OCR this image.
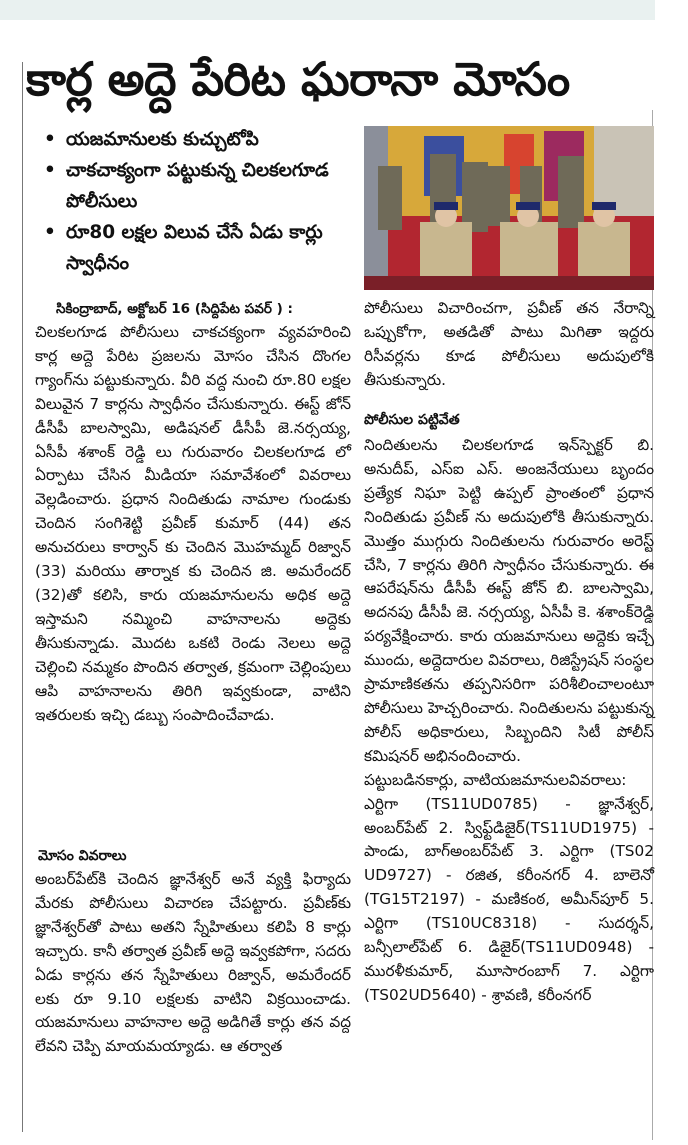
కార్ల అద్దె పేరిట ఘరానా మోసం
• యజమానులకు కుచ్చుటోపి
• చాకచాక్యంగా పట్టుకున్న చిలకలగూడ పోలీసులు
• రూ80 లక్షల విలువ చేసే ఏడు కార్లు స్వాధీనం
సికింద్రాబాద్, అక్టోబర్ 16 (సిద్దిపేట పవర్ ) :

చిలకలగూడ పోలీసులు చాకచక్యంగా వ్యవహరించి కార్ల అద్దె పేరిట ప్రజలను మోసం చేసిన దొంగల గ్యాంగ్‌ను పట్టుకున్నారు. వీరి వద్ద నుంచి రూ.80 లక్షల విలువైన 7 కార్లను స్వాధీనం చేసుకున్నారు. ఈస్ట్ జోన్ డీసీపీ బాలస్వామి, అడిషనల్ డీసీపీ జె.నర్సయ్య, ఏసీపీ శశాంక్ రెడ్డి లు గురువారం చిలకలగూడ లో ఏర్పాటు చేసిన మీడియా సమావేశంలో వివరాలు వెల్లడించారు. ప్రధాన నిందితుడు నామాల గుండుకు చెందిన సంగిశెట్టి ప్రవీణ్ కుమార్ (44) తన అనుచరులు కార్వాన్ కు చెందిన మొహమ్మద్ రిజ్వాన్ (33) మరియు తార్నాక కు చెందిన జి. అమరేందర్ (32)తో కలిసి, కారు యజమానులను అధిక అద్దె ఇస్తామని నమ్మించి వాహనాలను అద్దెకు తీసుకున్నాడు. మొదట ఒకటి రెండు నెలలు అద్దె చెల్లించి నమ్మకం పొందిన తర్వాత, క్రమంగా చెల్లింపులు ఆపి వాహనాలను తిరిగి ఇవ్వకుండా, వాటిని ఇతరులకు ఇచ్చి డబ్బు సంపాదించేవాడు.

మోసం వివరాలు

అంబర్‌పేట్‌కి చెందిన జ్ఞానేశ్వర్ అనే వ్యక్తి ఫిర్యాదు మేరకు పోలీసులు విచారణ చేపట్టారు. ప్రవీణ్‌కు జ్ఞానేశ్వర్‌తో పాటు అతని స్నేహితులు కలిపి 8 కార్లు ఇచ్చారు. కానీ తర్వాత ప్రవీణ్ అద్దె ఇవ్వకపోగా, సదరు ఏడు కార్లను తన స్నేహితులు రిజ్వాన్, అమరేందర్ లకు రూ 9.10 లక్షలకు వాటిని విక్రయించాడు. యజమానులు వాహనాల అద్దె అడిగితే కార్లు తన వద్ద లేవని చెప్పి మాయమయ్యాడు. ఆ తర్వాత

పోలీసులు విచారించగా, ప్రవీణ్ తన నేరాన్ని ఒప్పుకోగా, అతడితో పాటు మిగితా ఇద్దరు రిసీవర్లను కూడ పోలీసులు అదుపులోకి తీసుకున్నారు.

పోలీసుల పట్టివేత

నిందితులను చిలకలగూడ ఇన్‌స్పెక్టర్ బి. అనుదీప్, ఎస్ఐ ఎస్. అంజనేయులు బృందం ప్రత్యేక నిఘా పెట్టి ఉప్పల్ ప్రాంతంలో ప్రధాన నిందితుడు ప్రవీణ్ ను అదుపులోకి తీసుకున్నారు. మొత్తం ముగ్గురు నిందితులను గురువారం అరెస్ట్ చేసి, 7 కార్లను తిరిగి స్వాధీనం చేసుకున్నారు. ఈ ఆపరేషన్‌ను డీసీపీ ఈస్ట్ జోన్ బి. బాలస్వామి, అదనపు డీసీపీ జె. నర్సయ్య, ఏసీపీ కె. శశాంక్‌రెడ్డి పర్యవేక్షించారు. కారు యజమానులు అద్దెకు ఇచ్చే ముందు, అద్దెదారుల వివరాలు, రిజిస్ట్రేషన్ సంస్థల ప్రామాణికతను తప్పనిసరిగా పరిశీలించాలంటూ పోలీసులు హెచ్చరించారు. నిందితులను పట్టుకున్న పోలీస్ అధికారులు, సిబ్బందిని సిటీ పోలీస్ కమిషనర్ అభినందించారు.

పట్టుబడినకార్లు, వాటియజమానులవివరాలు:

ఎర్టిగా (TS11UD0785) - జ్ఞానేశ్వర్, అంబర్‌పేట్ 2. స్విఫ్ట్‌డిజైర్(TS11UD1975) - పాండు, బాగ్‌అంబర్‌పేట్ 3. ఎర్టిగా (TS02 UD9727) - రజిత, కరీంనగర్ 4. బాలెనో (TG15T2197) - మణికంఠ, అమీన్‌పూర్ 5. ఎర్టిగా (TS10UC8318) - సుదర్శన్, బన్సీలాల్‌పేట్ 6. డిజైర్(TS11UD0948) - మురళీకుమార్, మూసారంబాగ్ 7. ఎర్టిగా (TS02UD5640) - శ్రావణి, కరీంనగర్
